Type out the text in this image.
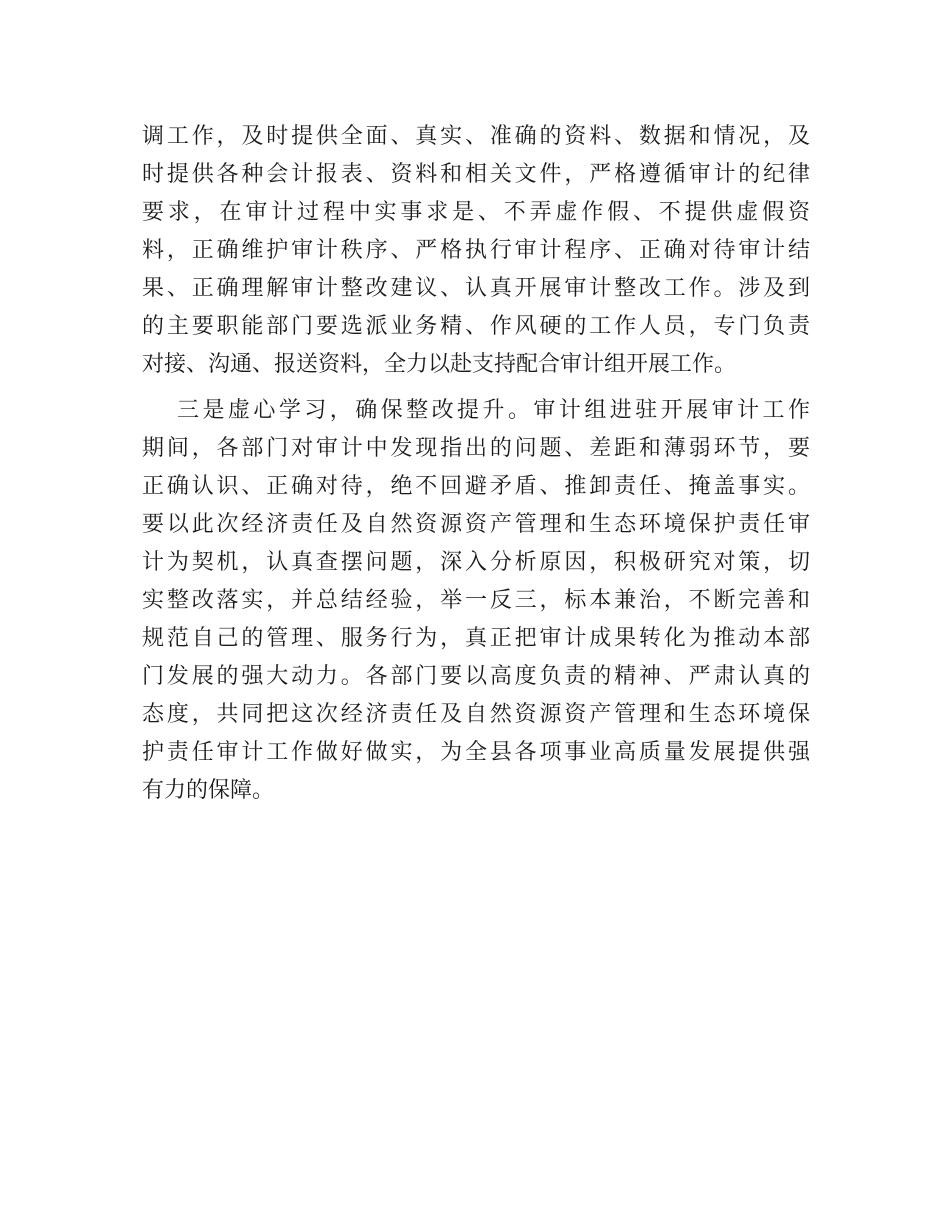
调工作，及时提供全面、真实、准确的资料、数据和情况，及
时提供各种会计报表、资料和相关文件，严格遵循审计的纪律
要求，在审计过程中实事求是、不弄虚作假、不提供虚假资
料，正确维护审计秩序、严格执行审计程序、正确对待审计结
果、正确理解审计整改建议、认真开展审计整改工作。涉及到
的主要职能部门要选派业务精、作风硬的工作人员，专门负责
对接、沟通、报送资料，全力以赴支持配合审计组开展工作。
三是虚心学习，确保整改提升。审计组进驻开展审计工作
期间，各部门对审计中发现指出的问题、差距和薄弱环节，要
正确认识、正确对待，绝不回避矛盾、推卸责任、掩盖事实。
要以此次经济责任及自然资源资产管理和生态环境保护责任审
计为契机，认真查摆问题，深入分析原因，积极研究对策，切
实整改落实，并总结经验，举一反三，标本兼治，不断完善和
规范自己的管理、服务行为，真正把审计成果转化为推动本部
门发展的强大动力。各部门要以高度负责的精神、严肃认真的
态度，共同把这次经济责任及自然资源资产管理和生态环境保
护责任审计工作做好做实，为全县各项事业高质量发展提供强
有力的保障。
